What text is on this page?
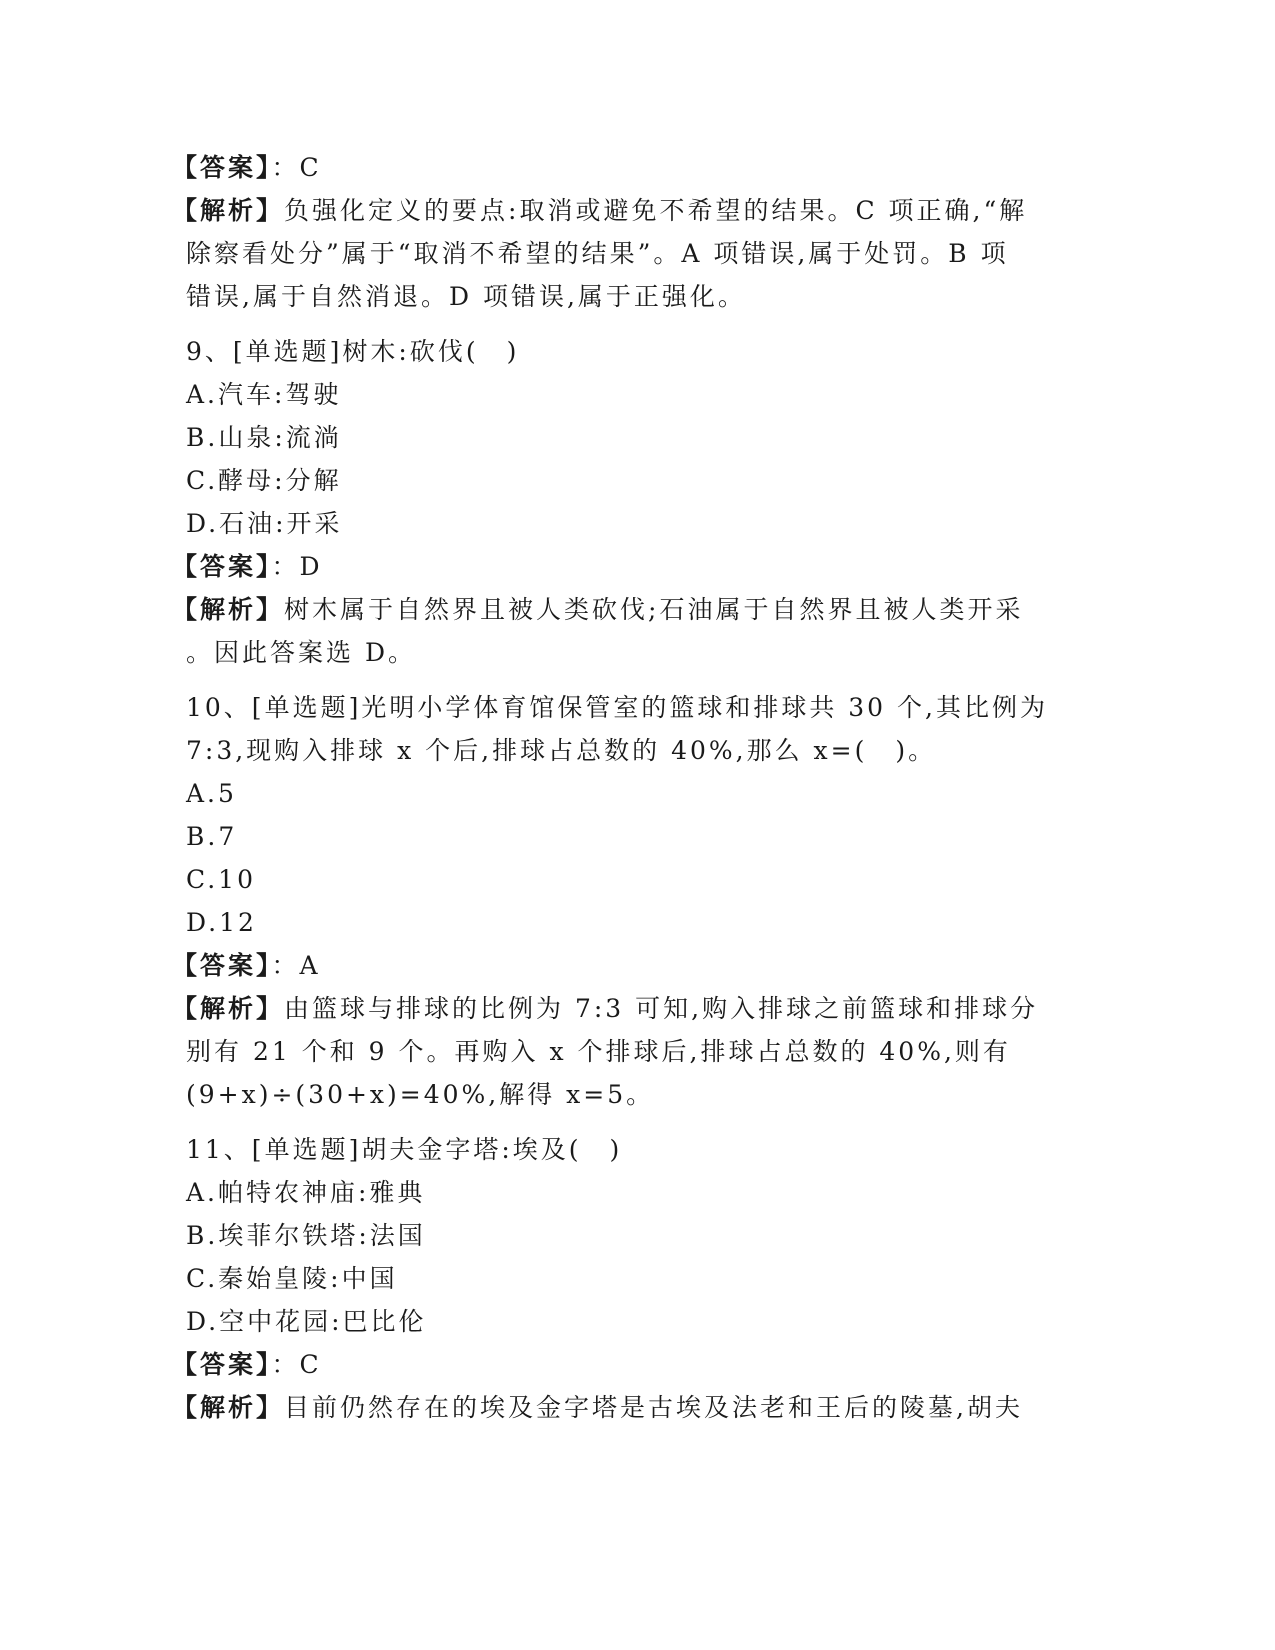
【答案】：C
【解析】负强化定义的要点:取消或避免不希望的结果。C 项正确,“解
除察看处分”属于“取消不希望的结果”。A 项错误,属于处罚。B 项
错误,属于自然消退。D 项错误,属于正强化。
9、[单选题]树木:砍伐(　)
A.汽车:驾驶
B.山泉:流淌
C.酵母:分解
D.石油:开采
【答案】：D
【解析】树木属于自然界且被人类砍伐;石油属于自然界且被人类开采
。因此答案选 D。
10、[单选题]光明小学体育馆保管室的篮球和排球共 30 个,其比例为
7:3,现购入排球 x 个后,排球占总数的 40%,那么 x=(　)。
A.5
B.7
C.10
D.12
【答案】：A
【解析】由篮球与排球的比例为 7:3 可知,购入排球之前篮球和排球分
别有 21 个和 9 个。再购入 x 个排球后,排球占总数的 40%,则有
(9+x)÷(30+x)=40%,解得 x=5。
11、[单选题]胡夫金字塔:埃及(　)
A.帕特农神庙:雅典
B.埃菲尔铁塔:法国
C.秦始皇陵:中国
D.空中花园:巴比伦
【答案】：C
【解析】目前仍然存在的埃及金字塔是古埃及法老和王后的陵墓,胡夫
